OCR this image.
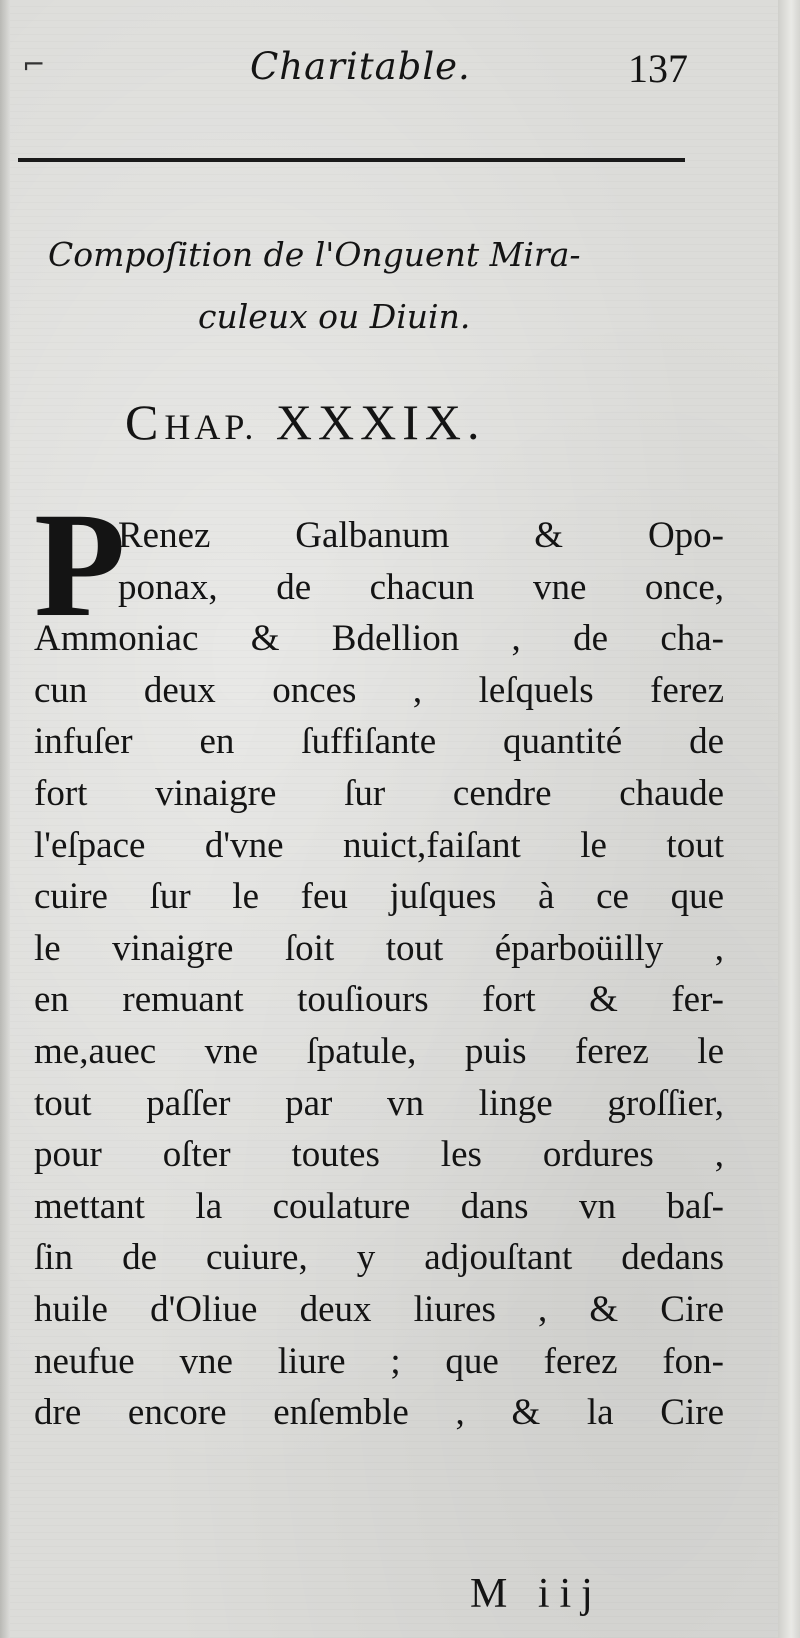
⌐	Charitable.	137
Compoſition de l'Onguent Mira-
culeux ou Diuin.
CHAP. XXXIX.
P
Renez Galbanum & Opo-
ponax, de chacun vne once,
Ammoniac & Bdellion , de cha-
cun deux onces , leſquels ferez
infuſer en ſuffiſante quantité de
fort vinaigre ſur cendre chaude
l'eſpace d'vne nuict,faiſant le tout
cuire ſur le feu juſques à ce que
le vinaigre ſoit tout éparboüilly ,
en remuant touſiours fort & fer-
me,auec vne ſpatule, puis ferez le
tout paſſer par vn linge groſſier,
pour oſter toutes les ordures ,
mettant la coulature dans vn baſ-
ſin de cuiure, y adjouſtant dedans
huile d'Oliue deux liures , & Cire
neufue vne liure ; que ferez fon-
dre encore enſemble , & la Cire
M iij
